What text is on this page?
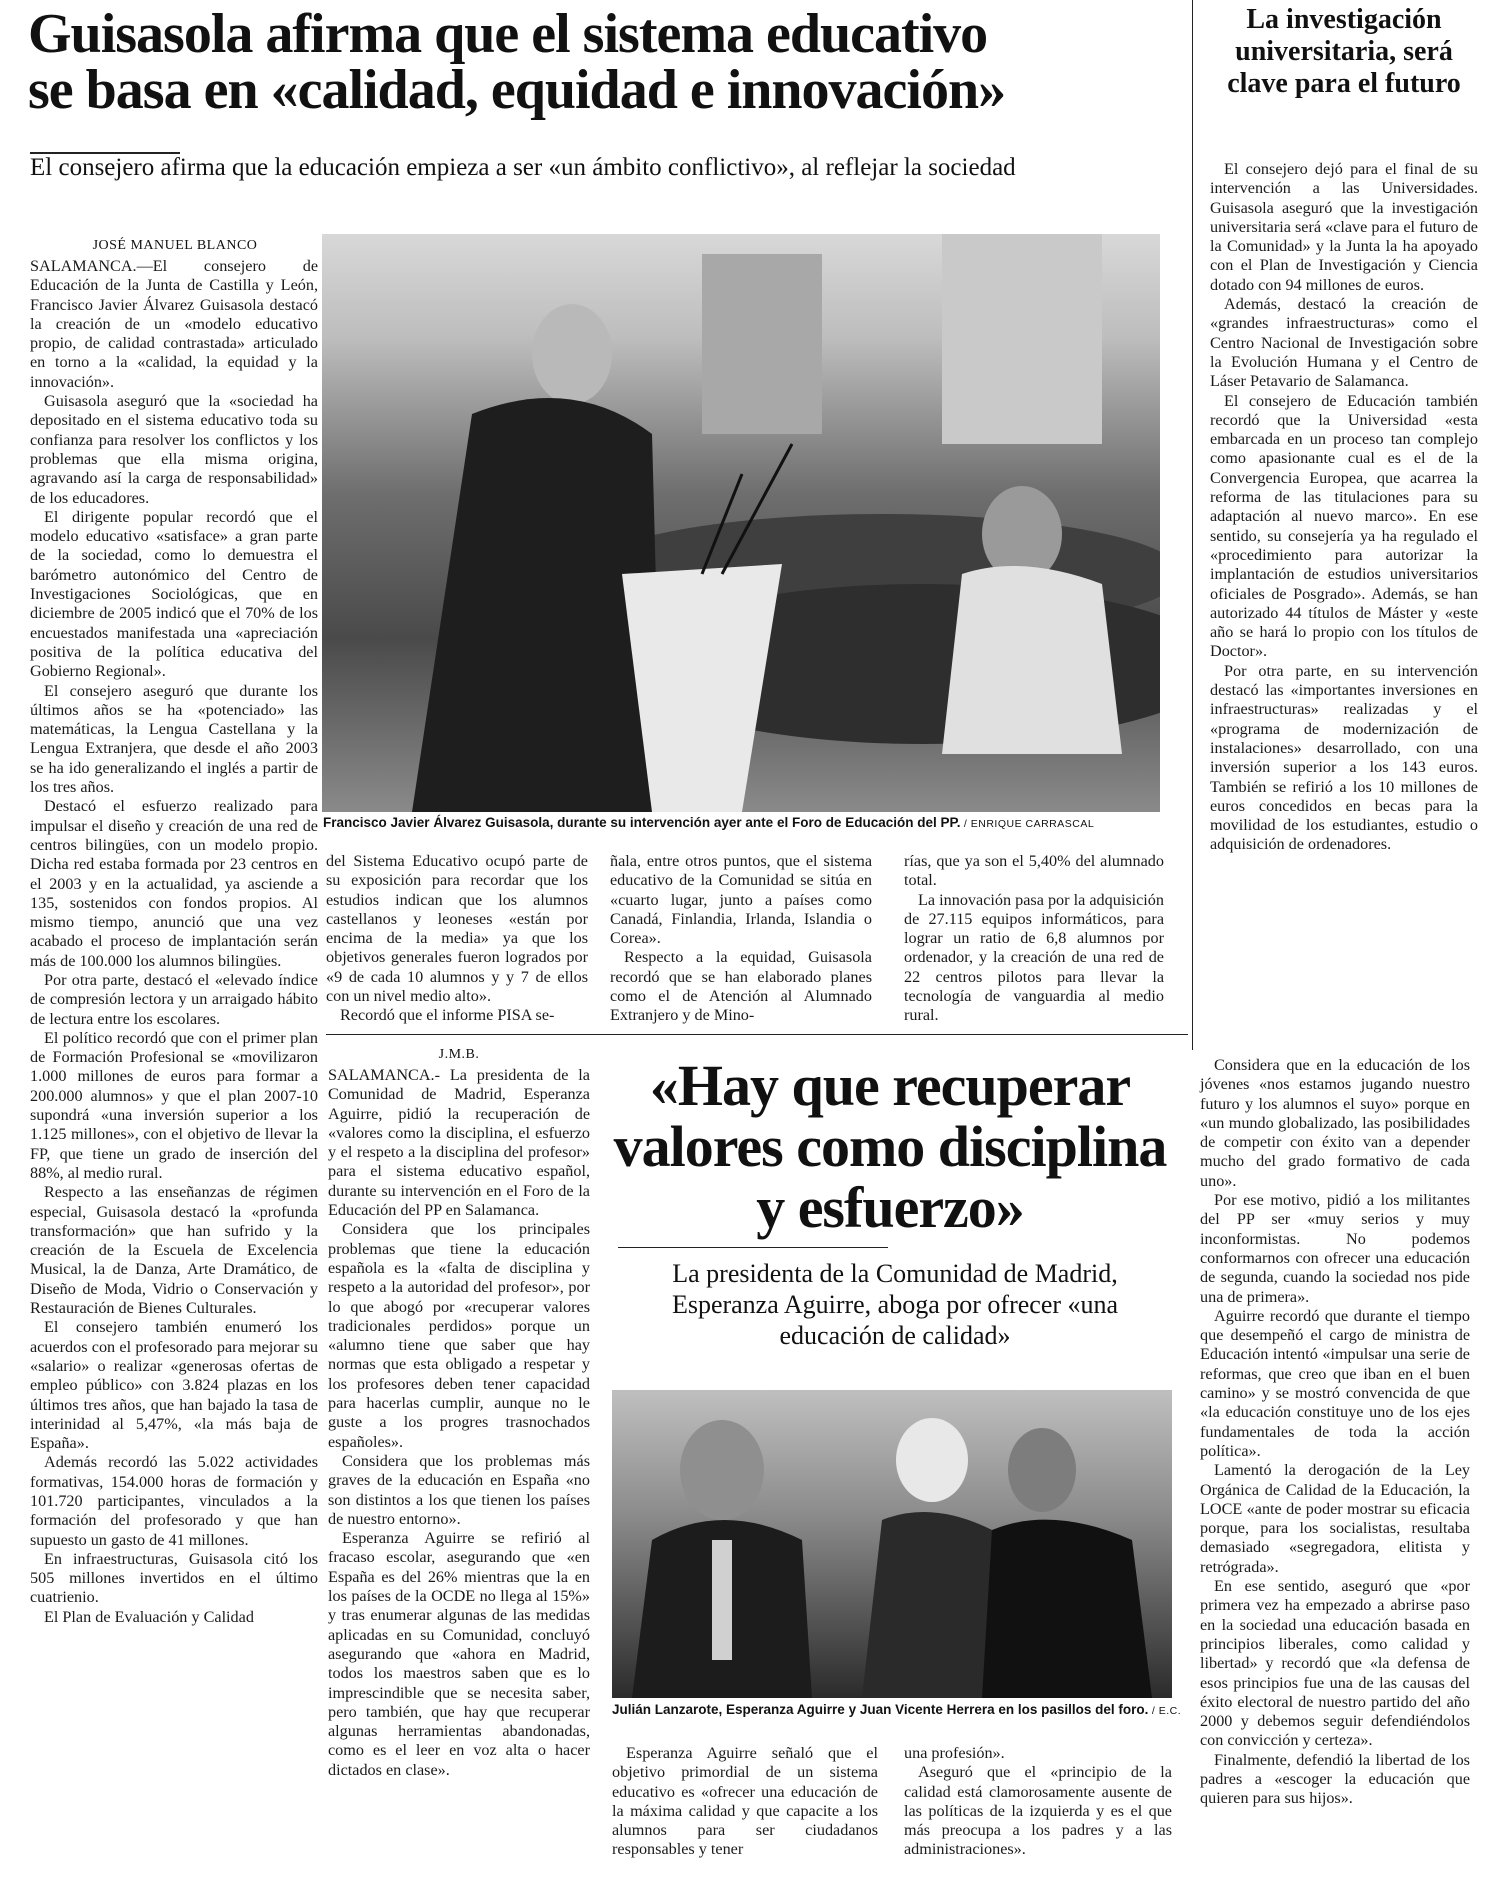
Guisasola afirma que el sistema educativo
se basa en «calidad, equidad e innovación»
El consejero afirma que la educación empieza a ser «un ámbito conflictivo», al reflejar la sociedad
La investigación universitaria, será clave para el futuro

El consejero dejó para el final de su intervención a las Universidades. Guisasola aseguró que la investigación universitaria será «clave para el futuro de la Comunidad» y la Junta la ha apoyado con el Plan de Investigación y Ciencia dotado con 94 millones de euros.

Además, destacó la creación de «grandes infraestructuras» como el Centro Nacional de Investigación sobre la Evolución Humana y el Centro de Láser Petavario de Salamanca.

El consejero de Educación también recordó que la Universidad «esta embarcada en un proceso tan complejo como apasionante cual es el de la Convergencia Europea, que acarrea la reforma de las titulaciones para su adaptación al nuevo marco». En ese sentido, su consejería ya ha regulado el «procedimiento para autorizar la implantación de estudios universitarios oficiales de Posgrado». Además, se han autorizado 44 títulos de Máster y «este año se hará lo propio con los títulos de Doctor».

Por otra parte, en su intervención destacó las «importantes inversiones en infraestructuras» realizadas y el «programa de modernización de instalaciones» desarrollado, con una inversión superior a los 143 euros. También se refirió a los 10 millones de euros concedidos en becas para la movilidad de los estudiantes, estudio o adquisición de ordenadores.

JOSÉ MANUEL BLANCO

SALAMANCA.—El consejero de Educación de la Junta de Castilla y León, Francisco Javier Álvarez Guisasola destacó la creación de un «modelo educativo propio, de calidad contrastada» articulado en torno a la «calidad, la equidad y la innovación».

Guisasola aseguró que la «sociedad ha depositado en el sistema educativo toda su confianza para resolver los conflictos y los problemas que ella misma origina, agravando así la carga de responsabilidad» de los educadores.

El dirigente popular recordó que el modelo educativo «satisface» a gran parte de la sociedad, como lo demuestra el barómetro autonómico del Centro de Investigaciones Sociológicas, que en diciembre de 2005 indicó que el 70% de los encuestados manifestada una «apreciación positiva de la política educativa del Gobierno Regional».

El consejero aseguró que durante los últimos años se ha «potenciado» las matemáticas, la Lengua Castellana y la Lengua Extranjera, que desde el año 2003 se ha ido generalizando el inglés a partir de los tres años.

Destacó el esfuerzo realizado para impulsar el diseño y creación de una red de centros bilingües, con un modelo propio. Dicha red estaba formada por 23 centros en el 2003 y en la actualidad, ya asciende a 135, sostenidos con fondos propios. Al mismo tiempo, anunció que una vez acabado el proceso de implantación serán más de 100.000 los alumnos bilingües.

Por otra parte, destacó el «elevado índice de compresión lectora y un arraigado hábito de lectura entre los escolares.

El político recordó que con el primer plan de Formación Profesional se «movilizaron 1.000 millones de euros para formar a 200.000 alumnos» y que el plan 2007-10 supondrá «una inversión superior a los 1.125 millones», con el objetivo de llevar la FP, que tiene un grado de inserción del 88%, al medio rural.

Respecto a las enseñanzas de régimen especial, Guisasola destacó la «profunda transformación» que han sufrido y la creación de la Escuela de Excelencia Musical, la de Danza, Arte Dramático, de Diseño de Moda, Vidrio o Conservación y Restauración de Bienes Culturales.

El consejero también enumeró los acuerdos con el profesorado para mejorar su «salario» o realizar «generosas ofertas de empleo público» con 3.824 plazas en los últimos tres años, que han bajado la tasa de interinidad al 5,47%, «la más baja de España».

Además recordó las 5.022 actividades formativas, 154.000 horas de formación y 101.720 participantes, vinculados a la formación del profesorado y que han supuesto un gasto de 41 millones.

En infraestructuras, Guisasola citó los 505 millones invertidos en el último cuatrienio.

El Plan de Evaluación y Calidad

Francisco Javier Álvarez Guisasola, durante su intervención ayer ante el Foro de Educación del PP. / ENRIQUE CARRASCAL

del Sistema Educativo ocupó parte de su exposición para recordar que los estudios indican que los alumnos castellanos y leoneses «están por encima de la media» ya que los objetivos generales fueron logrados por «9 de cada 10 alumnos y y 7 de ellos con un nivel medio alto».

Recordó que el informe PISA se-

ñala, entre otros puntos, que el sistema educativo de la Comunidad se sitúa en «cuarto lugar, junto a países como Canadá, Finlandia, Irlanda, Islandia o Corea».

Respecto a la equidad, Guisasola recordó que se han elaborado planes como el de Atención al Alumnado Extranjero y de Mino-

rías, que ya son el 5,40% del alumnado total.

La innovación pasa por la adquisición de 27.115 equipos informáticos, para lograr un ratio de 6,8 alumnos por ordenador, y la creación de una red de 22 centros pilotos para llevar la tecnología de vanguardia al medio rural.

J.M.B.

SALAMANCA.- La presidenta de la Comunidad de Madrid, Esperanza Aguirre, pidió la recuperación de «valores como la disciplina, el esfuerzo y el respeto a la disciplina del profesor» para el sistema educativo español, durante su intervención en el Foro de la Educación del PP en Salamanca.

Considera que los principales problemas que tiene la educación española es la «falta de disciplina y respeto a la autoridad del profesor», por lo que abogó por «recuperar valores tradicionales perdidos» porque un «alumno tiene que saber que hay normas que esta obligado a respetar y los profesores deben tener capacidad para hacerlas cumplir, aunque no le guste a los progres trasnochados españoles».

Considera que los problemas más graves de la educación en España «no son distintos a los que tienen los países de nuestro entorno».

Esperanza Aguirre se refirió al fracaso escolar, asegurando que «en España es del 26% mientras que la en los países de la OCDE no llega al 15%» y tras enumerar algunas de las medidas aplicadas en su Comunidad, concluyó asegurando que «ahora en Madrid, todos los maestros saben que es lo imprescindible que se necesita saber, pero también, que hay que recuperar algunas herramientas abandonadas, como es el leer en voz alta o hacer dictados en clase».

«Hay que recuperar valores como disciplina y esfuerzo»
La presidenta de la Comunidad de Madrid, Esperanza Aguirre, aboga por ofrecer «una educación de calidad»
Julián Lanzarote, Esperanza Aguirre y Juan Vicente Herrera en los pasillos del foro. / E.C.

Esperanza Aguirre señaló que el objetivo primordial de un sistema educativo es «ofrecer una educación de la máxima calidad y que capacite a los alumnos para ser ciudadanos responsables y tener

una profesión».

Aseguró que el «principio de la calidad está clamorosamente ausente de las políticas de la izquierda y es el que más preocupa a los padres y a las administraciones».

Considera que en la educación de los jóvenes «nos estamos jugando nuestro futuro y los alumnos el suyo» porque en «un mundo globalizado, las posibilidades de competir con éxito van a depender mucho del grado formativo de cada uno».

Por ese motivo, pidió a los militantes del PP ser «muy serios y muy inconformistas. No podemos conformarnos con ofrecer una educación de segunda, cuando la sociedad nos pide una de primera».

Aguirre recordó que durante el tiempo que desempeñó el cargo de ministra de Educación intentó «impulsar una serie de reformas, que creo que iban en el buen camino» y se mostró convencida de que «la educación constituye uno de los ejes fundamentales de toda la acción política».

Lamentó la derogación de la Ley Orgánica de Calidad de la Educación, la LOCE «ante de poder mostrar su eficacia porque, para los socialistas, resultaba demasiado «segregadora, elitista y retrógrada».

En ese sentido, aseguró que «por primera vez ha empezado a abrirse paso en la sociedad una educación basada en principios liberales, como calidad y libertad» y recordó que «la defensa de esos principios fue una de las causas del éxito electoral de nuestro partido del año 2000 y debemos seguir defendiéndolos con convicción y certeza».

Finalmente, defendió la libertad de los padres a «escoger la educación que quieren para sus hijos».
